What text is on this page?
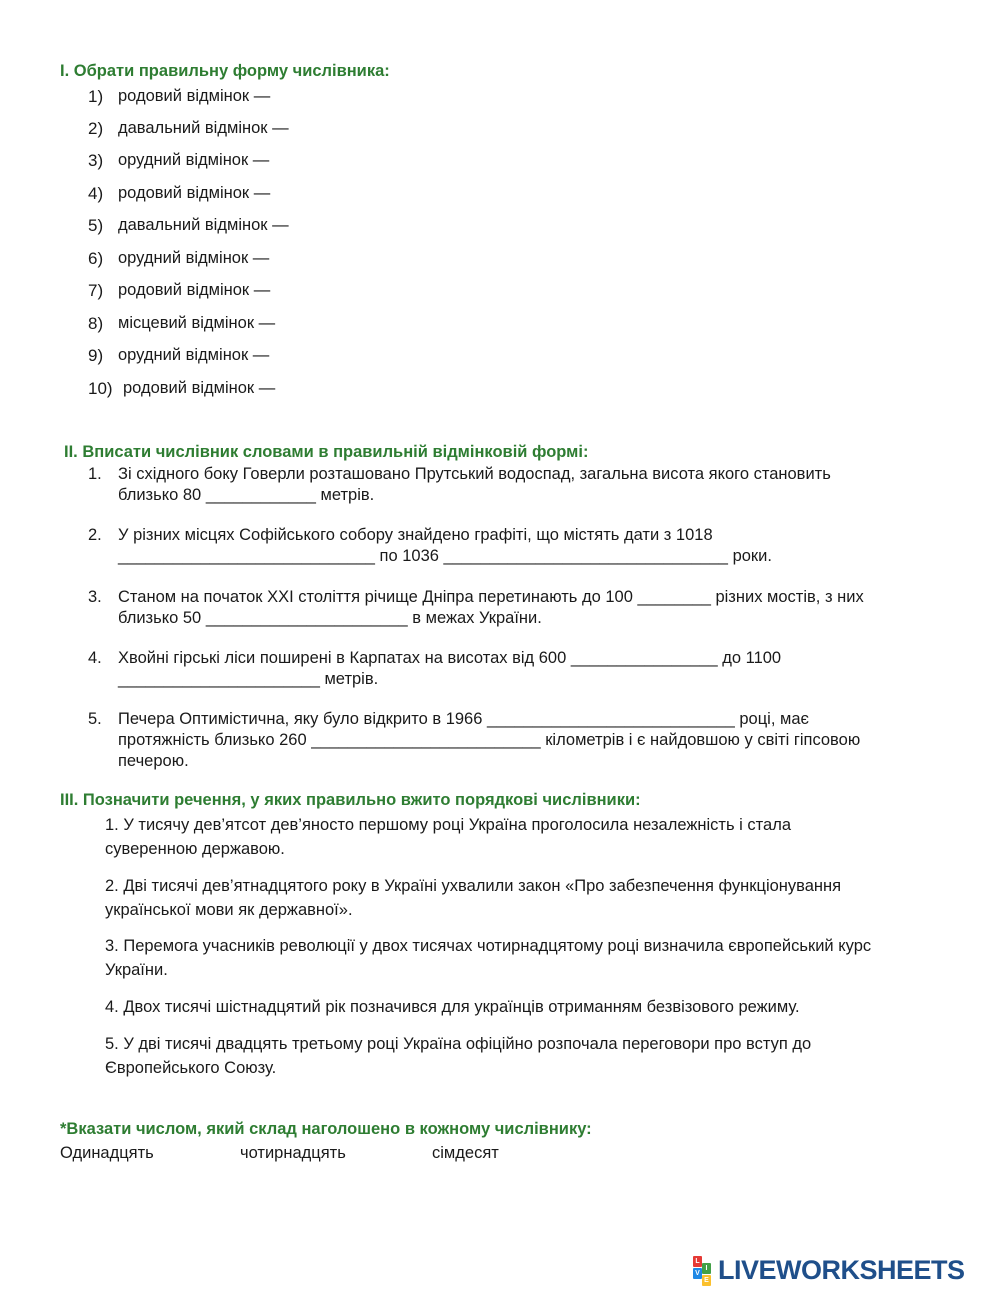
I. Обрати правильну форму числівника:
1) родовий відмінок —
2) давальний відмінок —
3) орудний відмінок —
4) родовий відмінок —
5) давальний відмінок —
6) орудний відмінок —
7) родовий відмінок —
8) місцевий відмінок —
9) орудний відмінок —
10) родовий відмінок —
II. Вписати числівник словами в правильній відмінковій формі:
1. Зі східного боку Говерли розташовано Прутський водоспад, загальна висота якого становить
близько 80 ____________ метрів.
2. У різних місцях Софійського собору знайдено графіті, що містять дати з 1018
____________________________ по 1036 _______________________________ роки.
3. Станом на початок XXI століття річище Дніпра перетинають до 100 ________ різних мостів, з них
близько 50 ______________________ в межах України.
4. Хвойні гірські ліси поширені в Карпатах на висотах від 600 ________________ до 1100
______________________ метрів.
5. Печера Оптимістична, яку було відкрито в 1966 ___________________________ році, має
протяжність близько 260 _________________________ кілометрів і є найдовшою у світі гіпсовою
печерою.
III. Позначити речення, у яких правильно вжито порядкові числівники:
1. У тисячу дев’ятсот дев’яносто першому році Україна проголосила незалежність і стала
суверенною державою.
2. Дві тисячі дев’ятнадцятого року в Україні ухвалили закон «Про забезпечення функціонування
української мови як державної».
3. Перемога учасників революції у двох тисячах чотирнадцятому році визначила європейський курс
України.
4. Двох тисячі шістнадцятий рік позначився для українців отриманням безвізового режиму.
5. У дві тисячі двадцять третьому році Україна офіційно розпочала переговори про вступ до
Європейського Союзу.
*Вказати числом, який склад наголошено в кожному числівнику:
Одинадцять	чотирнадцять	сімдесят
L
I
V
E LIVEWORKSHEETS
